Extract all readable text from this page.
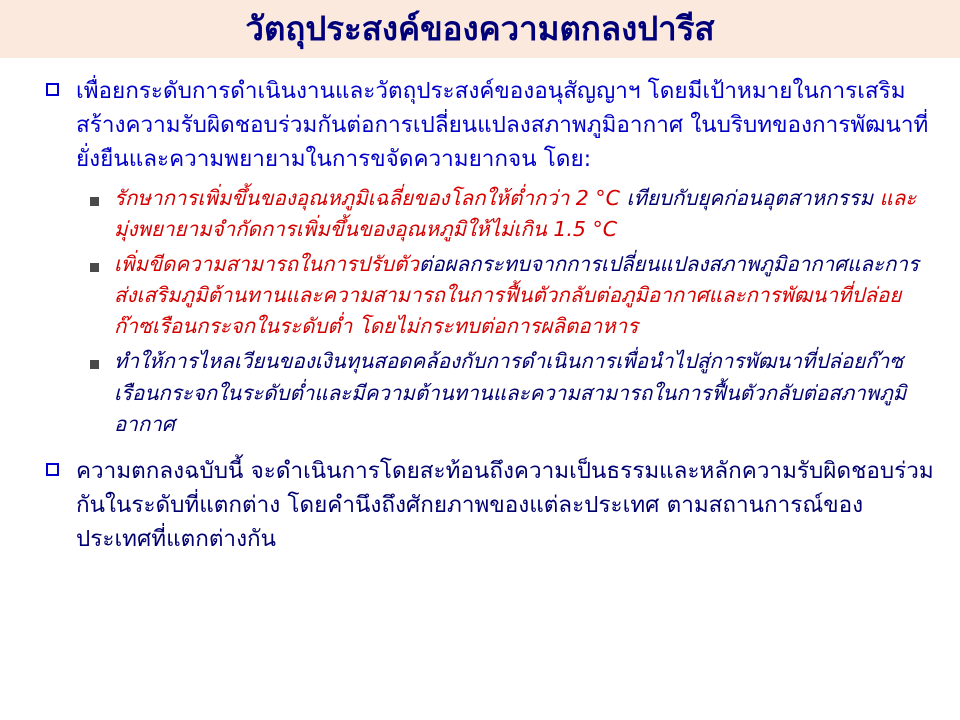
วัตถุประสงค์ของความตกลงปารีส
เพื่อยกระดับการดำเนินงานและวัตถุประสงค์ของอนุสัญญาฯ โดยมีเป้าหมายในการเสริมสร้างความรับผิดชอบร่วมกันต่อการเปลี่ยนแปลงสภาพภูมิอากาศ ในบริบทของการพัฒนาที่ยั่งยืนและความพยายามในการขจัดความยากจน โดย:
รักษาการเพิ่มขึ้นของอุณหภูมิเฉลี่ยของโลกให้ต่ำกว่า 2 °C เทียบกับยุคก่อนอุตสาหกรรม และมุ่งพยายามจำกัดการเพิ่มขึ้นของอุณหภูมิให้ไม่เกิน 1.5 °C
เพิ่มขีดความสามารถในการปรับตัวต่อผลกระทบจากการเปลี่ยนแปลงสภาพภูมิอากาศและการส่งเสริมภูมิต้านทานและความสามารถในการฟื้นตัวกลับต่อภูมิอากาศและการพัฒนาที่ปล่อยก๊าซเรือนกระจกในระดับต่ำ โดยไม่กระทบต่อการผลิตอาหาร
ทำให้การไหลเวียนของเงินทุนสอดคล้องกับการดำเนินการเพื่อนำไปสู่การพัฒนาที่ปล่อยก๊าซเรือนกระจกในระดับต่ำและมีความต้านทานและความสามารถในการฟื้นตัวกลับต่อสภาพภูมิอากาศ
ความตกลงฉบับนี้ จะดำเนินการโดยสะท้อนถึงความเป็นธรรมและหลักความรับผิดชอบร่วมกันในระดับที่แตกต่าง โดยคำนึงถึงศักยภาพของแต่ละประเทศ ตามสถานการณ์ของประเทศที่แตกต่างกัน
